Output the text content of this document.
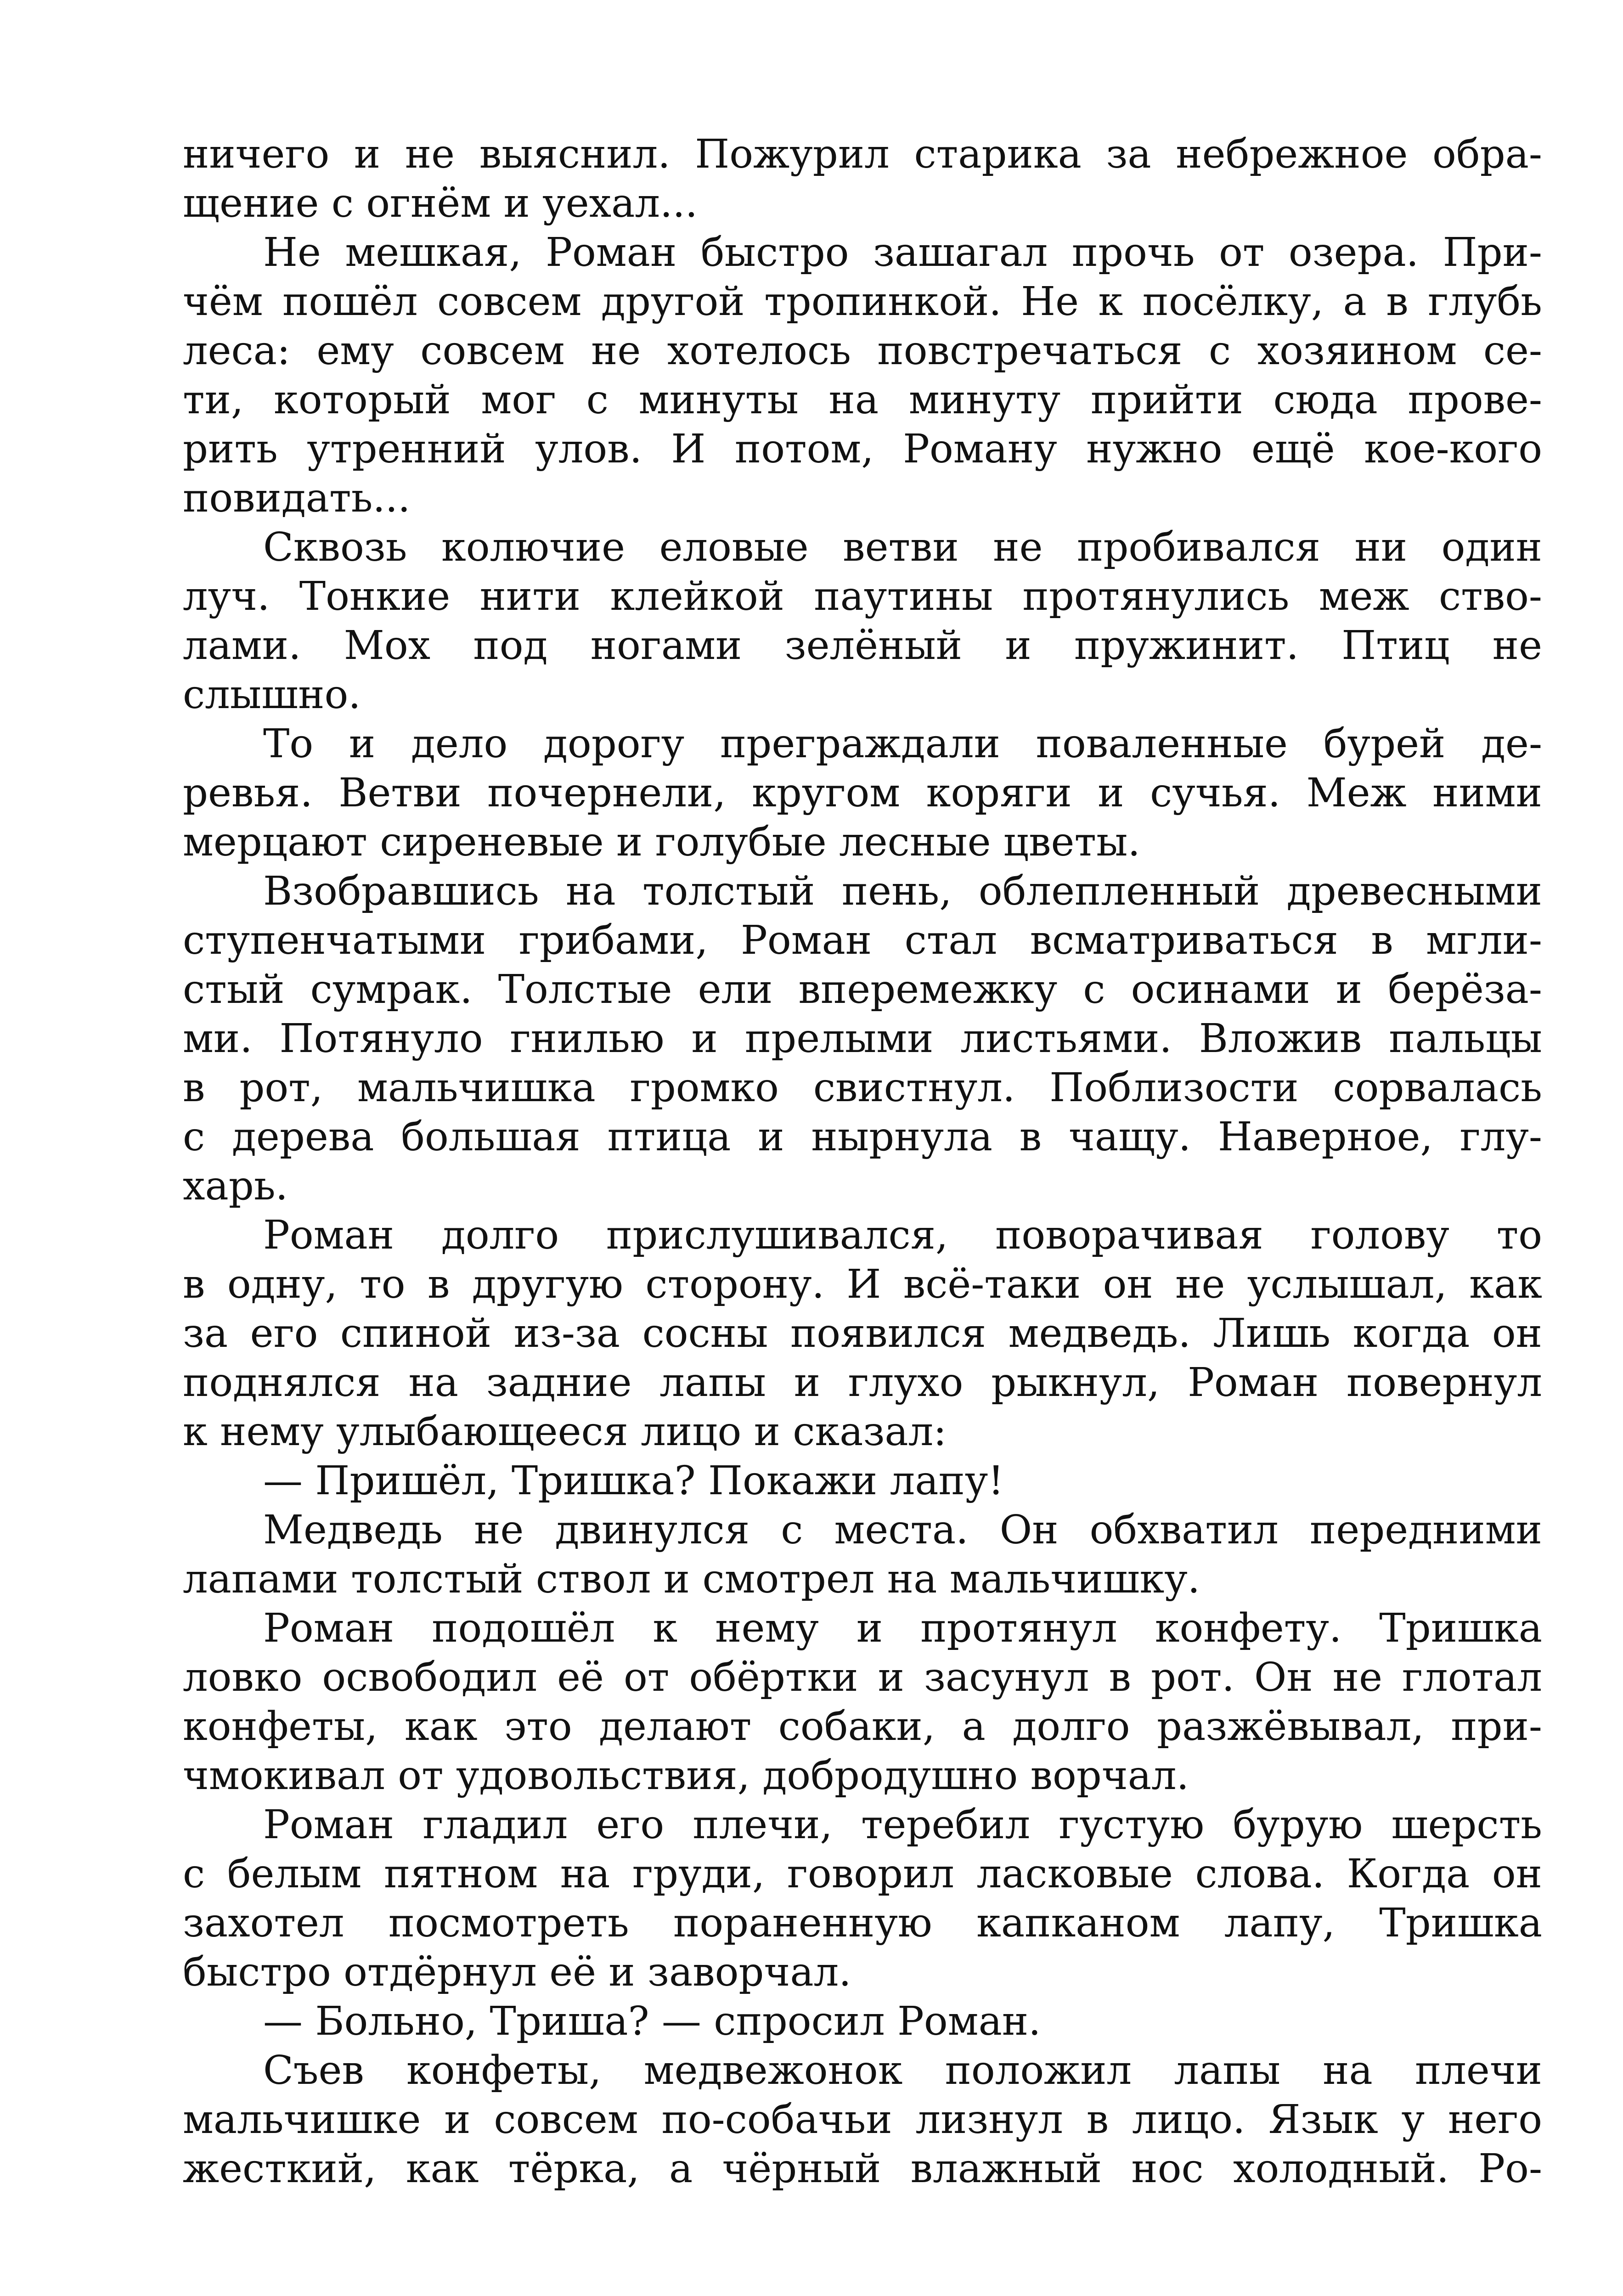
ничего и не выяснил. Пожурил старика за небрежное обра-
щение с огнём и уехал...
Не мешкая, Роман быстро зашагал прочь от озера. При-
чём пошёл совсем другой тропинкой. Не к посёлку, а в глубь
леса: ему совсем не хотелось повстречаться с хозяином се-
ти, который мог с минуты на минуту прийти сюда прове-
рить утренний улов. И потом, Роману нужно ещё кое-кого
повидать...
Сквозь колючие еловые ветви не пробивался ни один
луч. Тонкие нити клейкой паутины протянулись меж ство-
лами. Мох под ногами зелёный и пружинит. Птиц не
слышно.
То и дело дорогу преграждали поваленные бурей де-
ревья. Ветви почернели, кругом коряги и сучья. Меж ними
мерцают сиреневые и голубые лесные цветы.
Взобравшись на толстый пень, облепленный древесными
ступенчатыми грибами, Роман стал всматриваться в мгли-
стый сумрак. Толстые ели вперемежку с осинами и берёза-
ми. Потянуло гнилью и прелыми листьями. Вложив пальцы
в рот, мальчишка громко свистнул. Поблизости сорвалась
с дерева большая птица и нырнула в чащу. Наверное, глу-
харь.
Роман долго прислушивался, поворачивая голову то
в одну, то в другую сторону. И всё-таки он не услышал, как
за его спиной из-за сосны появился медведь. Лишь когда он
поднялся на задние лапы и глухо рыкнул, Роман повернул
к нему улыбающееся лицо и сказал:
— Пришёл, Тришка? Покажи лапу!
Медведь не двинулся с места. Он обхватил передними
лапами толстый ствол и смотрел на мальчишку.
Роман подошёл к нему и протянул конфету. Тришка
ловко освободил её от обёртки и засунул в рот. Он не глотал
конфеты, как это делают собаки, а долго разжёвывал, при-
чмокивал от удовольствия, добродушно ворчал.
Роман гладил его плечи, теребил густую бурую шерсть
с белым пятном на груди, говорил ласковые слова. Когда он
захотел посмотреть пораненную капканом лапу, Тришка
быстро отдёрнул её и заворчал.
— Больно, Триша? — спросил Роман.
Съев конфеты, медвежонок положил лапы на плечи
мальчишке и совсем по-собачьи лизнул в лицо. Язык у него
жесткий, как тёрка, а чёрный влажный нос холодный. Ро-
